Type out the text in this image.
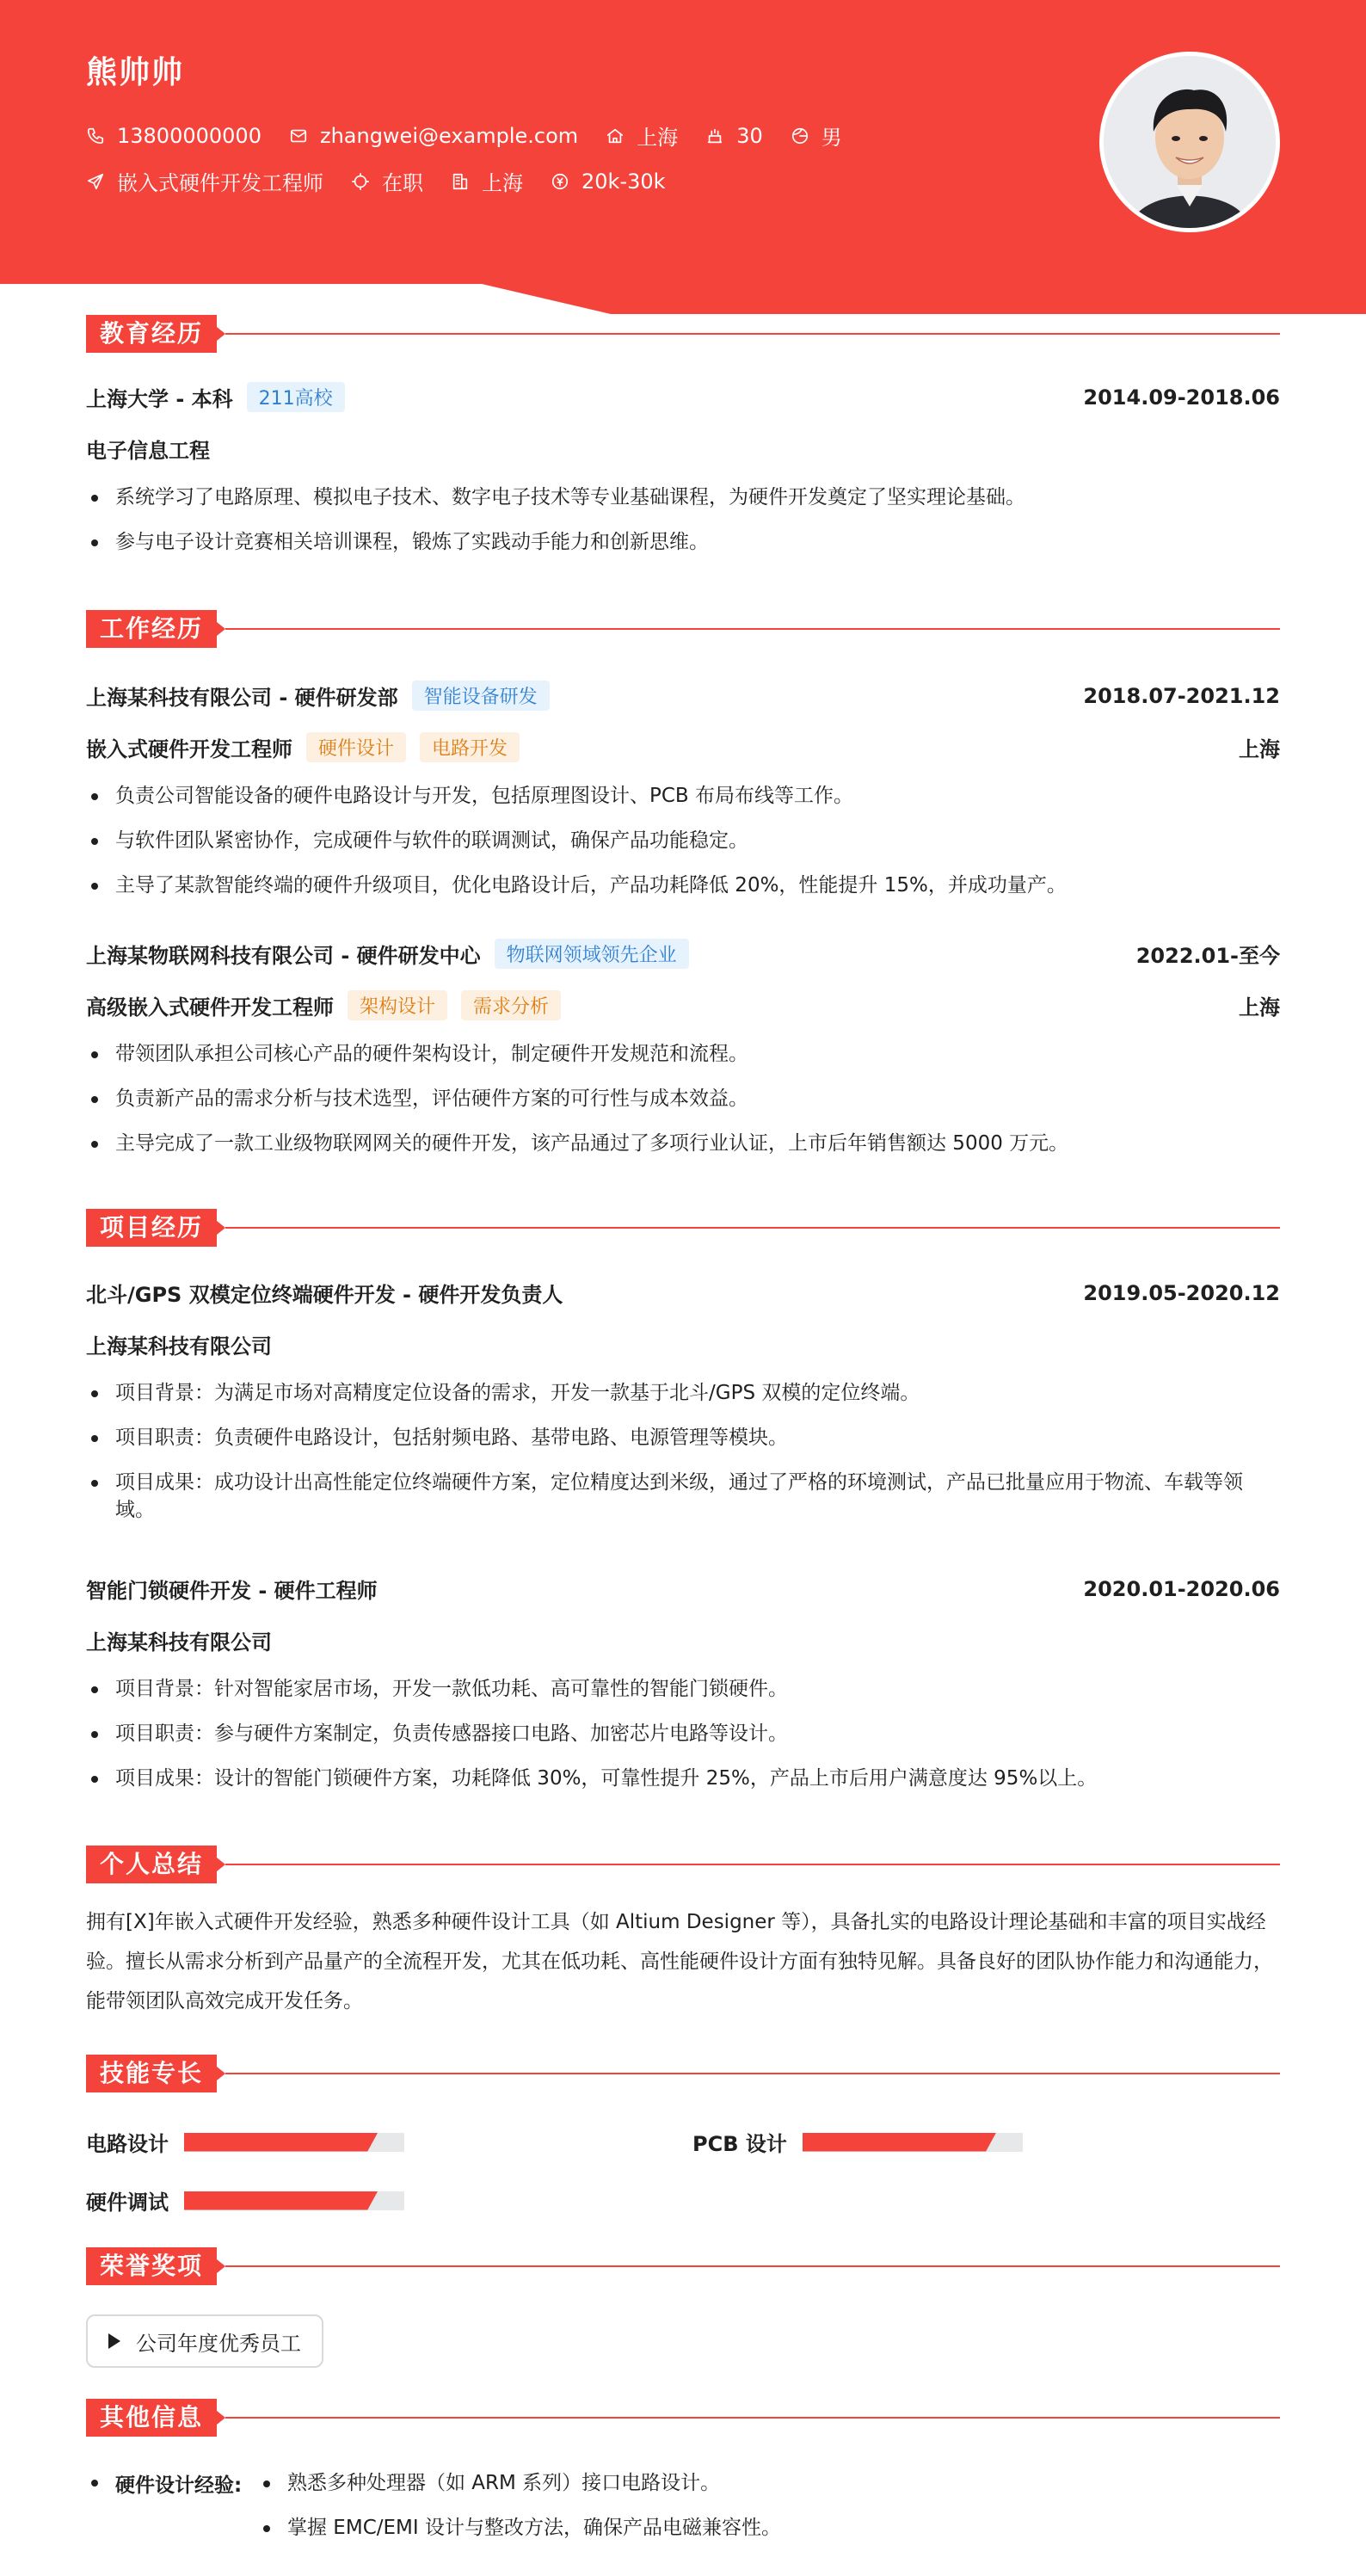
熊帅帅
13800000000	zhangwei@example.com	上海	30	男
嵌入式硬件开发工程师	在职	上海	20k-30k
教育经历
上海大学 - 本科	211高校	2014.09-2018.06
电子信息工程
系统学习了电路原理、模拟电子技术、数字电子技术等专业基础课程，为硬件开发奠定了坚实理论基础。
参与电子设计竞赛相关培训课程，锻炼了实践动手能力和创新思维。
工作经历
上海某科技有限公司 - 硬件研发部	智能设备研发	2018.07-2021.12
嵌入式硬件开发工程师	硬件设计	电路开发	上海
负责公司智能设备的硬件电路设计与开发，包括原理图设计、PCB 布局布线等工作。
与软件团队紧密协作，完成硬件与软件的联调测试，确保产品功能稳定。
主导了某款智能终端的硬件升级项目，优化电路设计后，产品功耗降低 20%，性能提升 15%，并成功量产。
上海某物联网科技有限公司 - 硬件研发中心	物联网领域领先企业	2022.01-至今
高级嵌入式硬件开发工程师	架构设计	需求分析	上海
带领团队承担公司核心产品的硬件架构设计，制定硬件开发规范和流程。
负责新产品的需求分析与技术选型，评估硬件方案的可行性与成本效益。
主导完成了一款工业级物联网网关的硬件开发，该产品通过了多项行业认证，上市后年销售额达 5000 万元。
项目经历
北斗/GPS 双模定位终端硬件开发 - 硬件开发负责人	2019.05-2020.12
上海某科技有限公司
项目背景：为满足市场对高精度定位设备的需求，开发一款基于北斗/GPS 双模的定位终端。
项目职责：负责硬件电路设计，包括射频电路、基带电路、电源管理等模块。
项目成果：成功设计出高性能定位终端硬件方案，定位精度达到米级，通过了严格的环境测试，产品已批量应用于物流、车载等领域。
智能门锁硬件开发 - 硬件工程师	2020.01-2020.06
上海某科技有限公司
项目背景：针对智能家居市场，开发一款低功耗、高可靠性的智能门锁硬件。
项目职责：参与硬件方案制定，负责传感器接口电路、加密芯片电路等设计。
项目成果：设计的智能门锁硬件方案，功耗降低 30%，可靠性提升 25%，产品上市后用户满意度达 95%以上。
个人总结
拥有[X]年嵌入式硬件开发经验，熟悉多种硬件设计工具（如 Altium Designer 等），具备扎实的电路设计理论基础和丰富的项目实战经验。擅长从需求分析到产品量产的全流程开发，尤其在低功耗、高性能硬件设计方面有独特见解。具备良好的团队协作能力和沟通能力，能带领团队高效完成开发任务。
技能专长
电路设计	PCB 设计
硬件调试
荣誉奖项
公司年度优秀员工
其他信息
硬件设计经验:	熟悉多种处理器（如 ARM 系列）接口电路设计。
掌握 EMC/EMI 设计与整改方法，确保产品电磁兼容性。
